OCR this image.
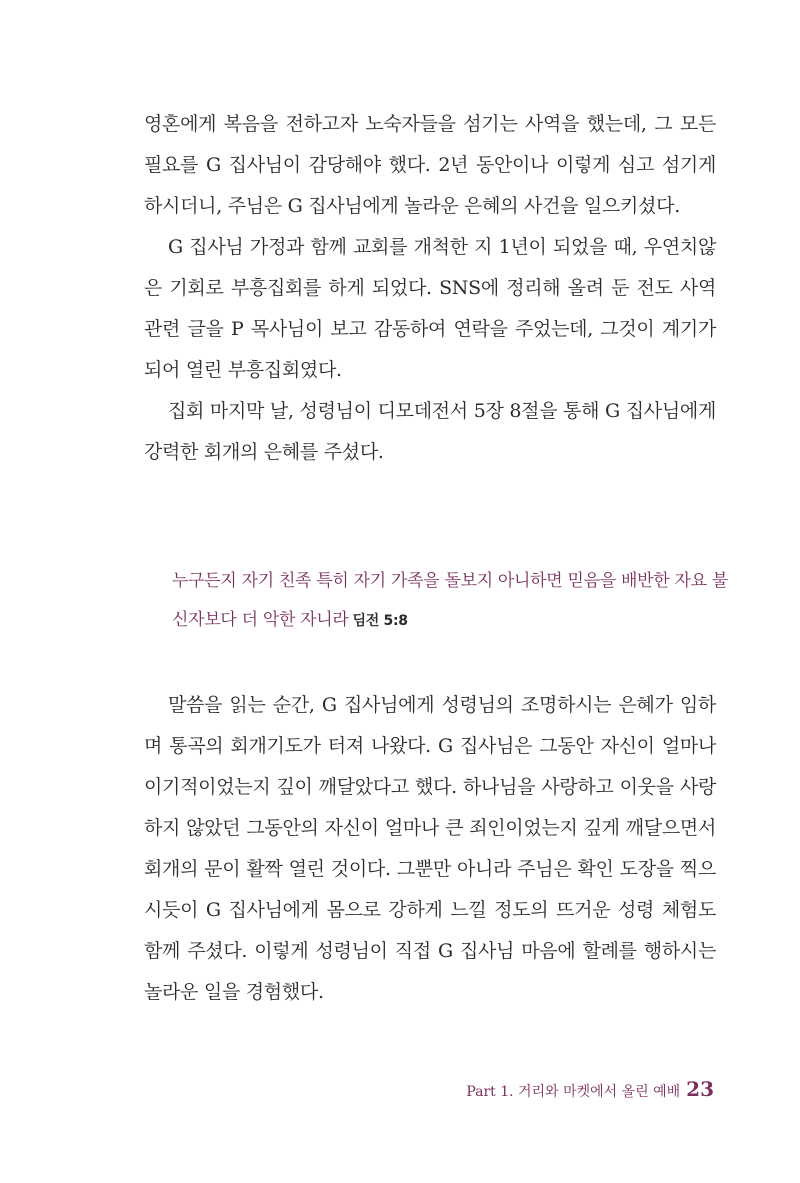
영혼에게 복음을 전하고자 노숙자들을 섬기는 사역을 했는데, 그 모든 필요를 G 집사님이 감당해야 했다. 2년 동안이나 이렇게 심고 섬기게 하시더니, 주님은 G 집사님에게 놀라운 은혜의 사건을 일으키셨다.

G 집사님 가정과 함께 교회를 개척한 지 1년이 되었을 때, 우연치않은 기회로 부흥집회를 하게 되었다. SNS에 정리해 올려 둔 전도 사역 관련 글을 P 목사님이 보고 감동하여 연락을 주었는데, 그것이 계기가 되어 열린 부흥집회였다.

집회 마지막 날, 성령님이 디모데전서 5장 8절을 통해 G 집사님에게 강력한 회개의 은혜를 주셨다.

누구든지 자기 친족 특히 자기 가족을 돌보지 아니하면 믿음을 배반한 자요 불신자보다 더 악한 자니라 딤전 5:8

말씀을 읽는 순간, G 집사님에게 성령님의 조명하시는 은혜가 임하며 통곡의 회개기도가 터져 나왔다. G 집사님은 그동안 자신이 얼마나 이기적이었는지 깊이 깨달았다고 했다. 하나님을 사랑하고 이웃을 사랑하지 않았던 그동안의 자신이 얼마나 큰 죄인이었는지 깊게 깨달으면서 회개의 문이 활짝 열린 것이다. 그뿐만 아니라 주님은 확인 도장을 찍으시듯이 G 집사님에게 몸으로 강하게 느낄 정도의 뜨거운 성령 체험도 함께 주셨다. 이렇게 성령님이 직접 G 집사님 마음에 할례를 행하시는 놀라운 일을 경험했다.

Part 1. 거리와 마켓에서 올린 예배 23
